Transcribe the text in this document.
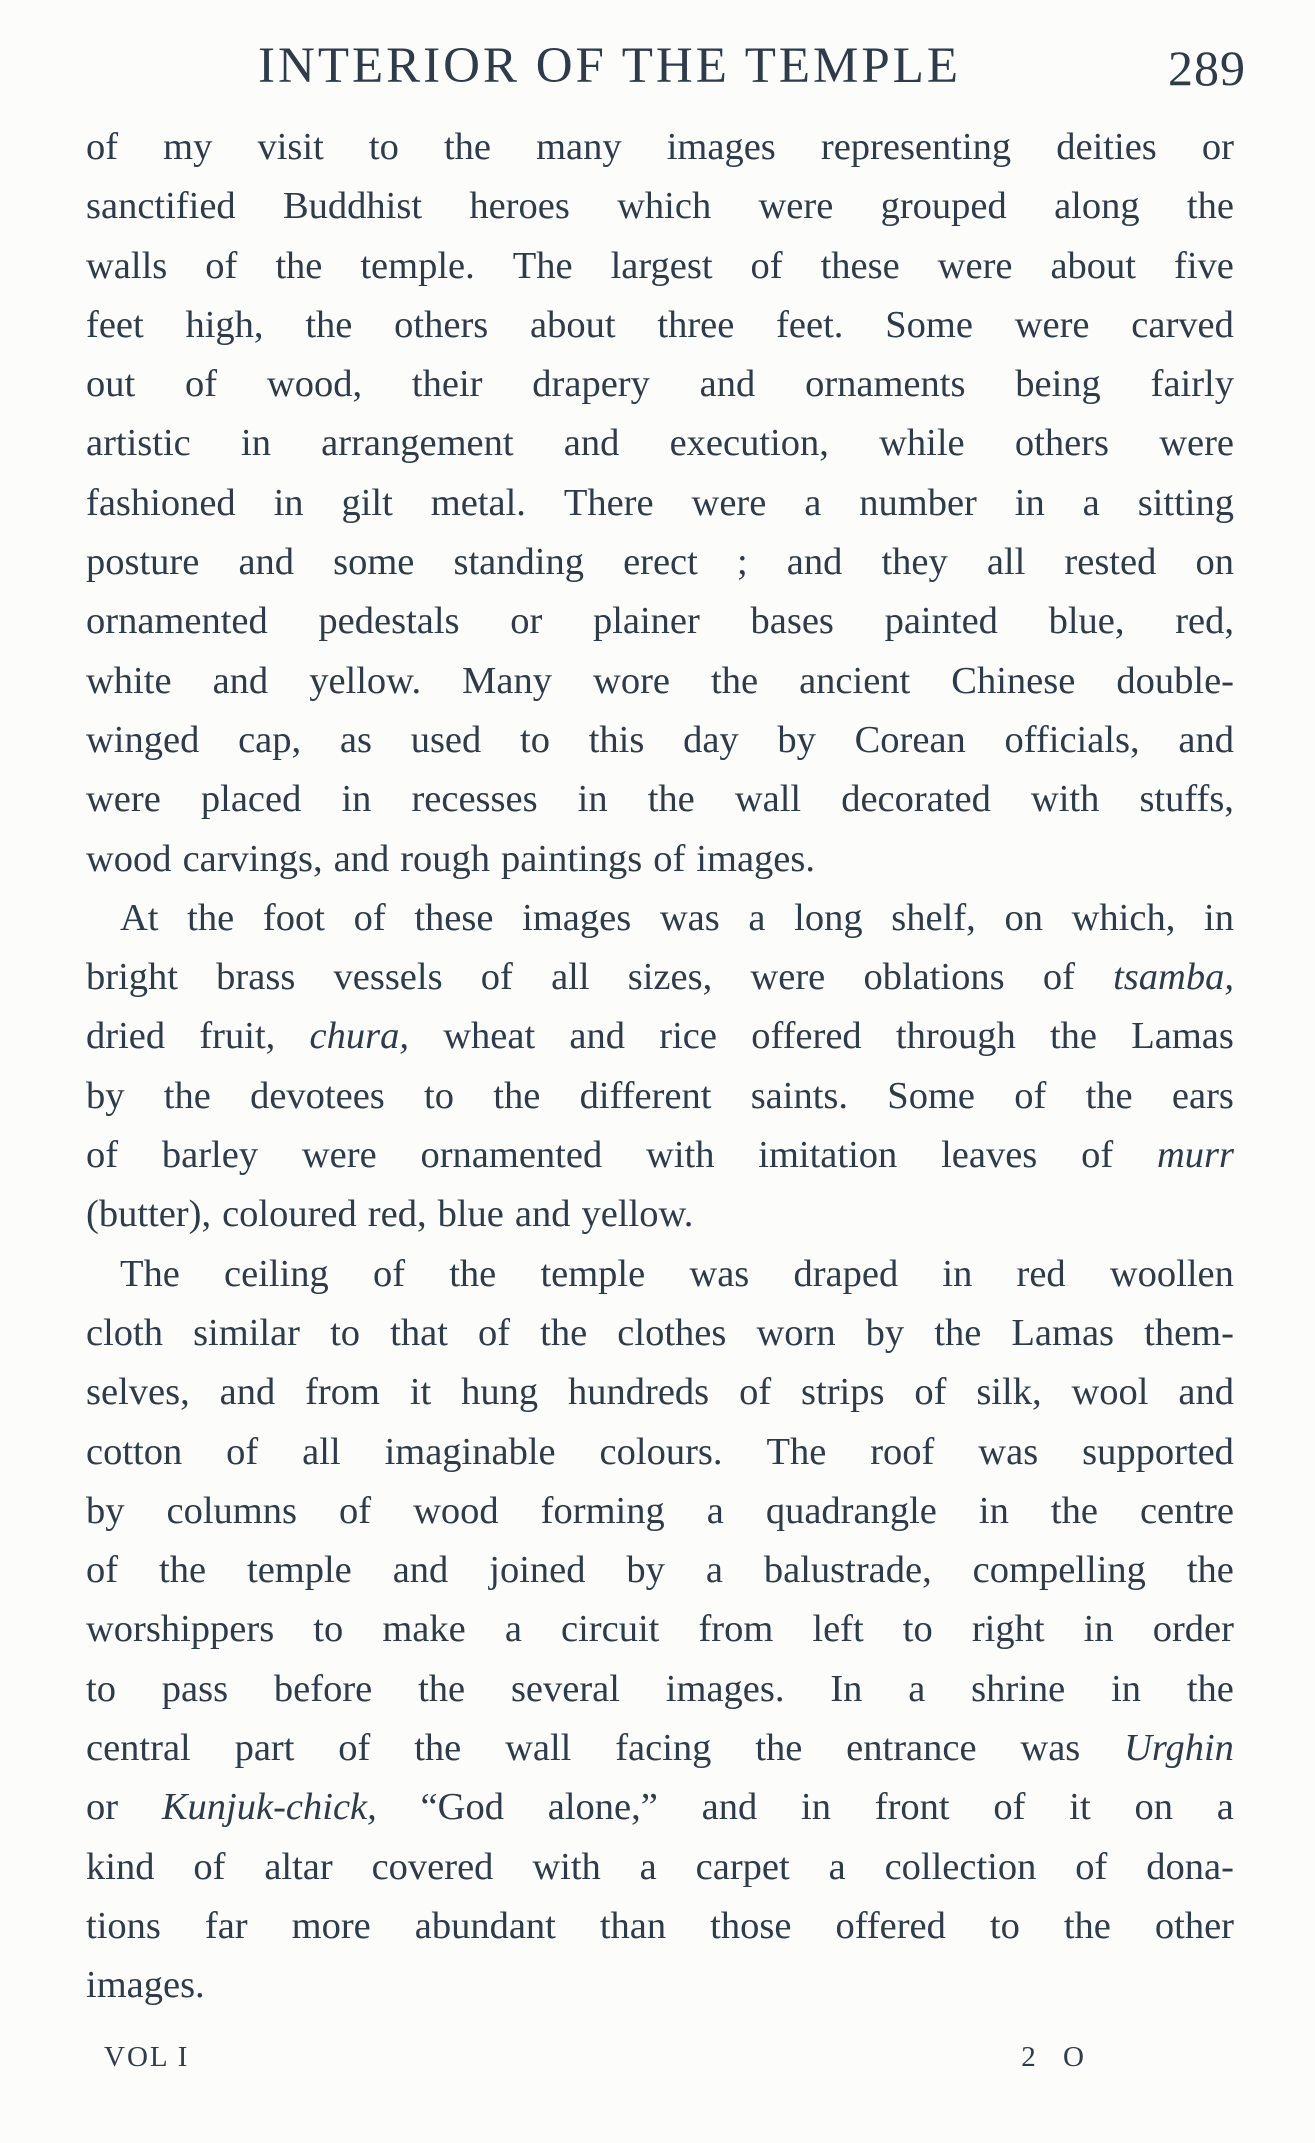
INTERIOR OF THE TEMPLE	289
of my visit to the many images representing deities or
sanctified Buddhist heroes which were grouped along the
walls of the temple. The largest of these were about five
feet high, the others about three feet. Some were carved
out of wood, their drapery and ornaments being fairly
artistic in arrangement and execution, while others were
fashioned in gilt metal. There were a number in a sitting
posture and some standing erect ; and they all rested on
ornamented pedestals or plainer bases painted blue, red,
white and yellow. Many wore the ancient Chinese double-
winged cap, as used to this day by Corean officials, and
were placed in recesses in the wall decorated with stuffs,
wood carvings, and rough paintings of images.
At the foot of these images was a long shelf, on which, in
bright brass vessels of all sizes, were oblations of tsamba,
dried fruit, chura, wheat and rice offered through the Lamas
by the devotees to the different saints. Some of the ears
of barley were ornamented with imitation leaves of murr
(butter), coloured red, blue and yellow.
The ceiling of the temple was draped in red woollen
cloth similar to that of the clothes worn by the Lamas them-
selves, and from it hung hundreds of strips of silk, wool and
cotton of all imaginable colours. The roof was supported
by columns of wood forming a quadrangle in the centre
of the temple and joined by a balustrade, compelling the
worshippers to make a circuit from left to right in order
to pass before the several images. In a shrine in the
central part of the wall facing the entrance was Urghin
or Kunjuk-chick, “God alone,” and in front of it on a
kind of altar covered with a carpet a collection of dona-
tions far more abundant than those offered to the other
images.
VOL I	2 O
